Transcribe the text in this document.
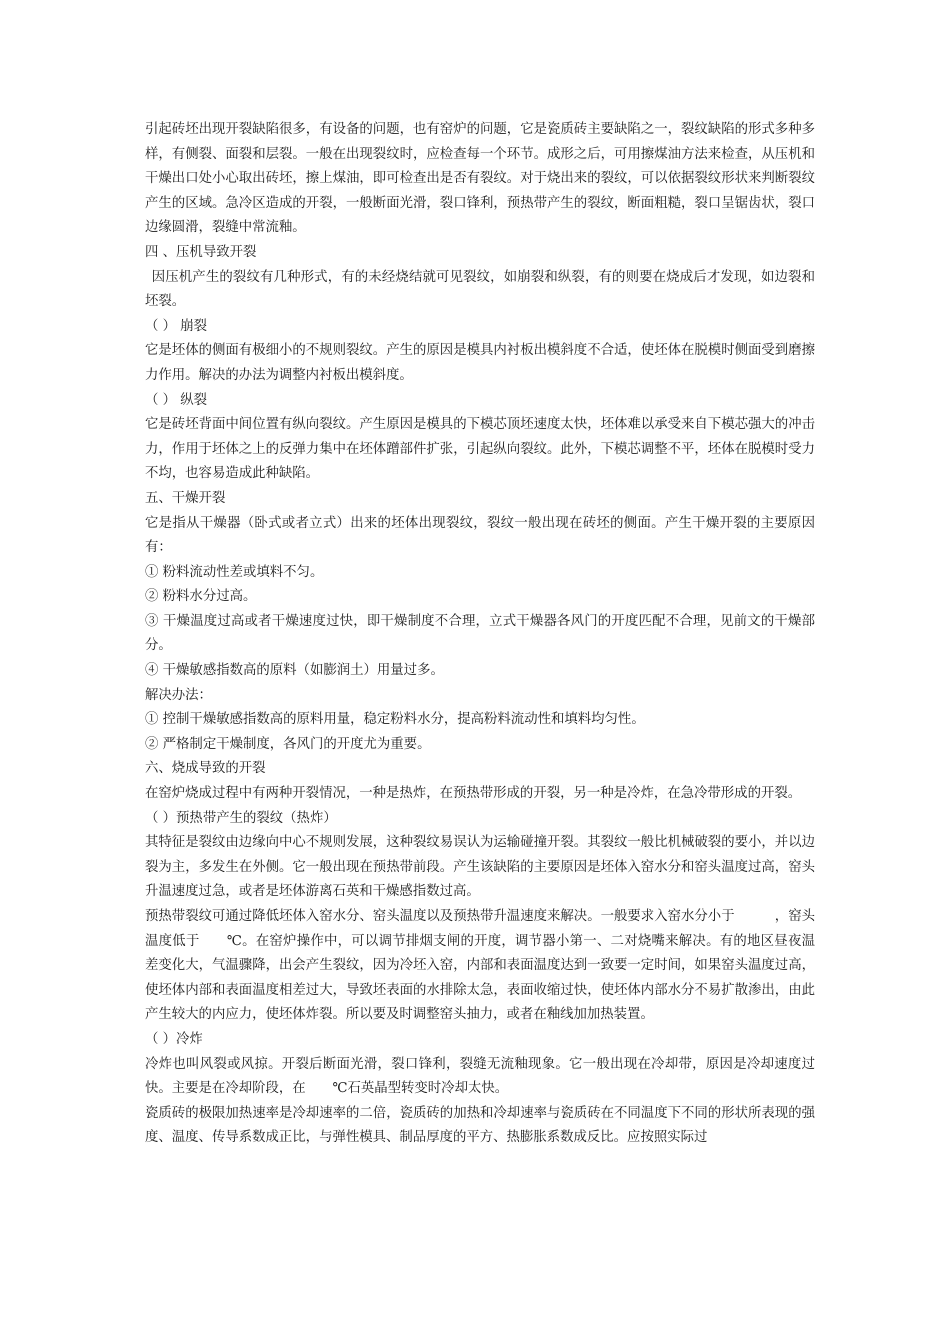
引起砖坯出现开裂缺陷很多，有设备的问题，也有窑炉的问题，它是瓷质砖主要缺陷之一，裂纹缺陷的形式多种多样，有侧裂、面裂和层裂。一般在出现裂纹时，应检查每一个环节。成形之后，可用擦煤油方法来检查，从压机和干燥出口处小心取出砖坯，擦上煤油，即可检查出是否有裂纹。对于烧出来的裂纹，可以依据裂纹形状来判断裂纹产生的区域。急冷区造成的开裂，一般断面光滑，裂口锋利，预热带产生的裂纹，断面粗糙，裂口呈锯齿状，裂口边缘圆滑，裂缝中常流釉。

四 、压机导致开裂

因压机产生的裂纹有几种形式，有的未经烧结就可见裂纹，如崩裂和纵裂，有的则要在烧成后才发现，如边裂和坯裂。

（ ） 崩裂

它是坯体的侧面有极细小的不规则裂纹。产生的原因是模具内衬板出模斜度不合适，使坯体在脱模时侧面受到磨擦力作用。解决的办法为调整内衬板出模斜度。

（ ） 纵裂

它是砖坯背面中间位置有纵向裂纹。产生原因是模具的下模芯顶坯速度太快，坯体难以承受来自下模芯强大的冲击力，作用于坯体之上的反弹力集中在坯体蹭部件扩张，引起纵向裂纹。此外，下模芯调整不平，坯体在脱模时受力不均，也容易造成此种缺陷。

五、干燥开裂

它是指从干燥器（卧式或者立式）出来的坯体出现裂纹，裂纹一般出现在砖坯的侧面。产生干燥开裂的主要原因有：

① 粉料流动性差或填料不匀。

② 粉料水分过高。

③ 干燥温度过高或者干燥速度过快，即干燥制度不合理，立式干燥器各风门的开度匹配不合理，见前文的干燥部分。

④ 干燥敏感指数高的原料（如膨润土）用量过多。

解决办法：

① 控制干燥敏感指数高的原料用量，稳定粉料水分，提高粉料流动性和填料均匀性。

② 严格制定干燥制度，各风门的开度尤为重要。

六、烧成导致的开裂

在窑炉烧成过程中有两种开裂情况，一种是热炸，在预热带形成的开裂，另一种是冷炸，在急冷带形成的开裂。

（ ）预热带产生的裂纹（热炸）

其特征是裂纹由边缘向中心不规则发展，这种裂纹易误认为运输碰撞开裂。其裂纹一般比机械破裂的要小，并以边裂为主，多发生在外侧。它一般出现在预热带前段。产生该缺陷的主要原因是坯体入窑水分和窑头温度过高，窑头升温速度过急，或者是坯体游离石英和干燥感指数过高。

预热带裂纹可通过降低坯体入窑水分、窑头温度以及预热带升温速度来解决。一般要求入窑水分小于　　　，窑头温度低于　　℃。在窑炉操作中，可以调节排烟支闸的开度，调节器小第一、二对烧嘴来解决。有的地区昼夜温差变化大，气温骤降，出会产生裂纹，因为冷坯入窑，内部和表面温度达到一致要一定时间，如果窑头温度过高，使坯体内部和表面温度相差过大，导致坯表面的水排除太急，表面收缩过快，使坯体内部水分不易扩散渗出，由此产生较大的内应力，使坯体炸裂。所以要及时调整窑头抽力，或者在釉线加加热装置。

（ ）冷炸

冷炸也叫风裂或风掠。开裂后断面光滑，裂口锋利，裂缝无流釉现象。它一般出现在冷却带，原因是冷却速度过快。主要是在冷却阶段，在　　℃石英晶型转变时冷却太快。

瓷质砖的极限加热速率是冷却速率的二倍，瓷质砖的加热和冷却速率与瓷质砖在不同温度下不同的形状所表现的强度、温度、传导系数成正比，与弹性模具、制品厚度的平方、热膨胀系数成反比。应按照实际过
